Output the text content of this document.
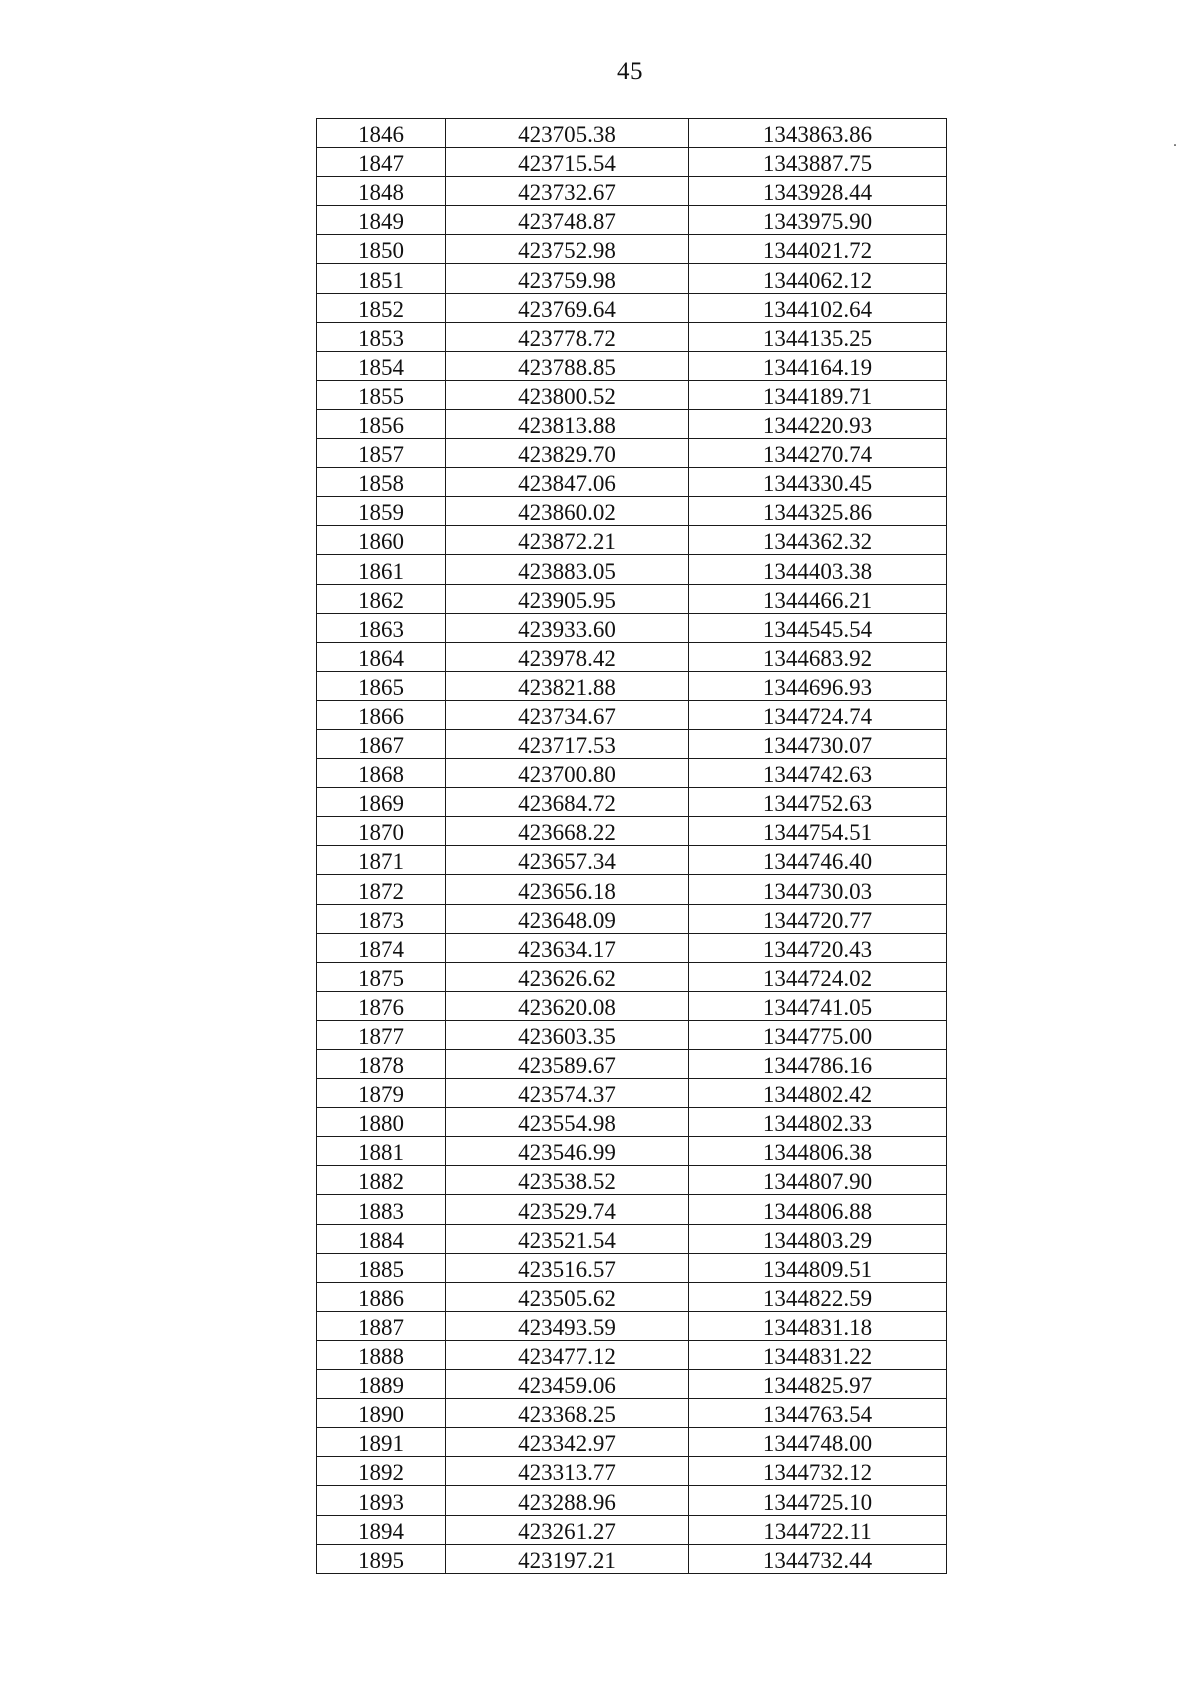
45
.
1846	423705.38	1343863.86
1847	423715.54	1343887.75
1848	423732.67	1343928.44
1849	423748.87	1343975.90
1850	423752.98	1344021.72
1851	423759.98	1344062.12
1852	423769.64	1344102.64
1853	423778.72	1344135.25
1854	423788.85	1344164.19
1855	423800.52	1344189.71
1856	423813.88	1344220.93
1857	423829.70	1344270.74
1858	423847.06	1344330.45
1859	423860.02	1344325.86
1860	423872.21	1344362.32
1861	423883.05	1344403.38
1862	423905.95	1344466.21
1863	423933.60	1344545.54
1864	423978.42	1344683.92
1865	423821.88	1344696.93
1866	423734.67	1344724.74
1867	423717.53	1344730.07
1868	423700.80	1344742.63
1869	423684.72	1344752.63
1870	423668.22	1344754.51
1871	423657.34	1344746.40
1872	423656.18	1344730.03
1873	423648.09	1344720.77
1874	423634.17	1344720.43
1875	423626.62	1344724.02
1876	423620.08	1344741.05
1877	423603.35	1344775.00
1878	423589.67	1344786.16
1879	423574.37	1344802.42
1880	423554.98	1344802.33
1881	423546.99	1344806.38
1882	423538.52	1344807.90
1883	423529.74	1344806.88
1884	423521.54	1344803.29
1885	423516.57	1344809.51
1886	423505.62	1344822.59
1887	423493.59	1344831.18
1888	423477.12	1344831.22
1889	423459.06	1344825.97
1890	423368.25	1344763.54
1891	423342.97	1344748.00
1892	423313.77	1344732.12
1893	423288.96	1344725.10
1894	423261.27	1344722.11
1895	423197.21	1344732.44
